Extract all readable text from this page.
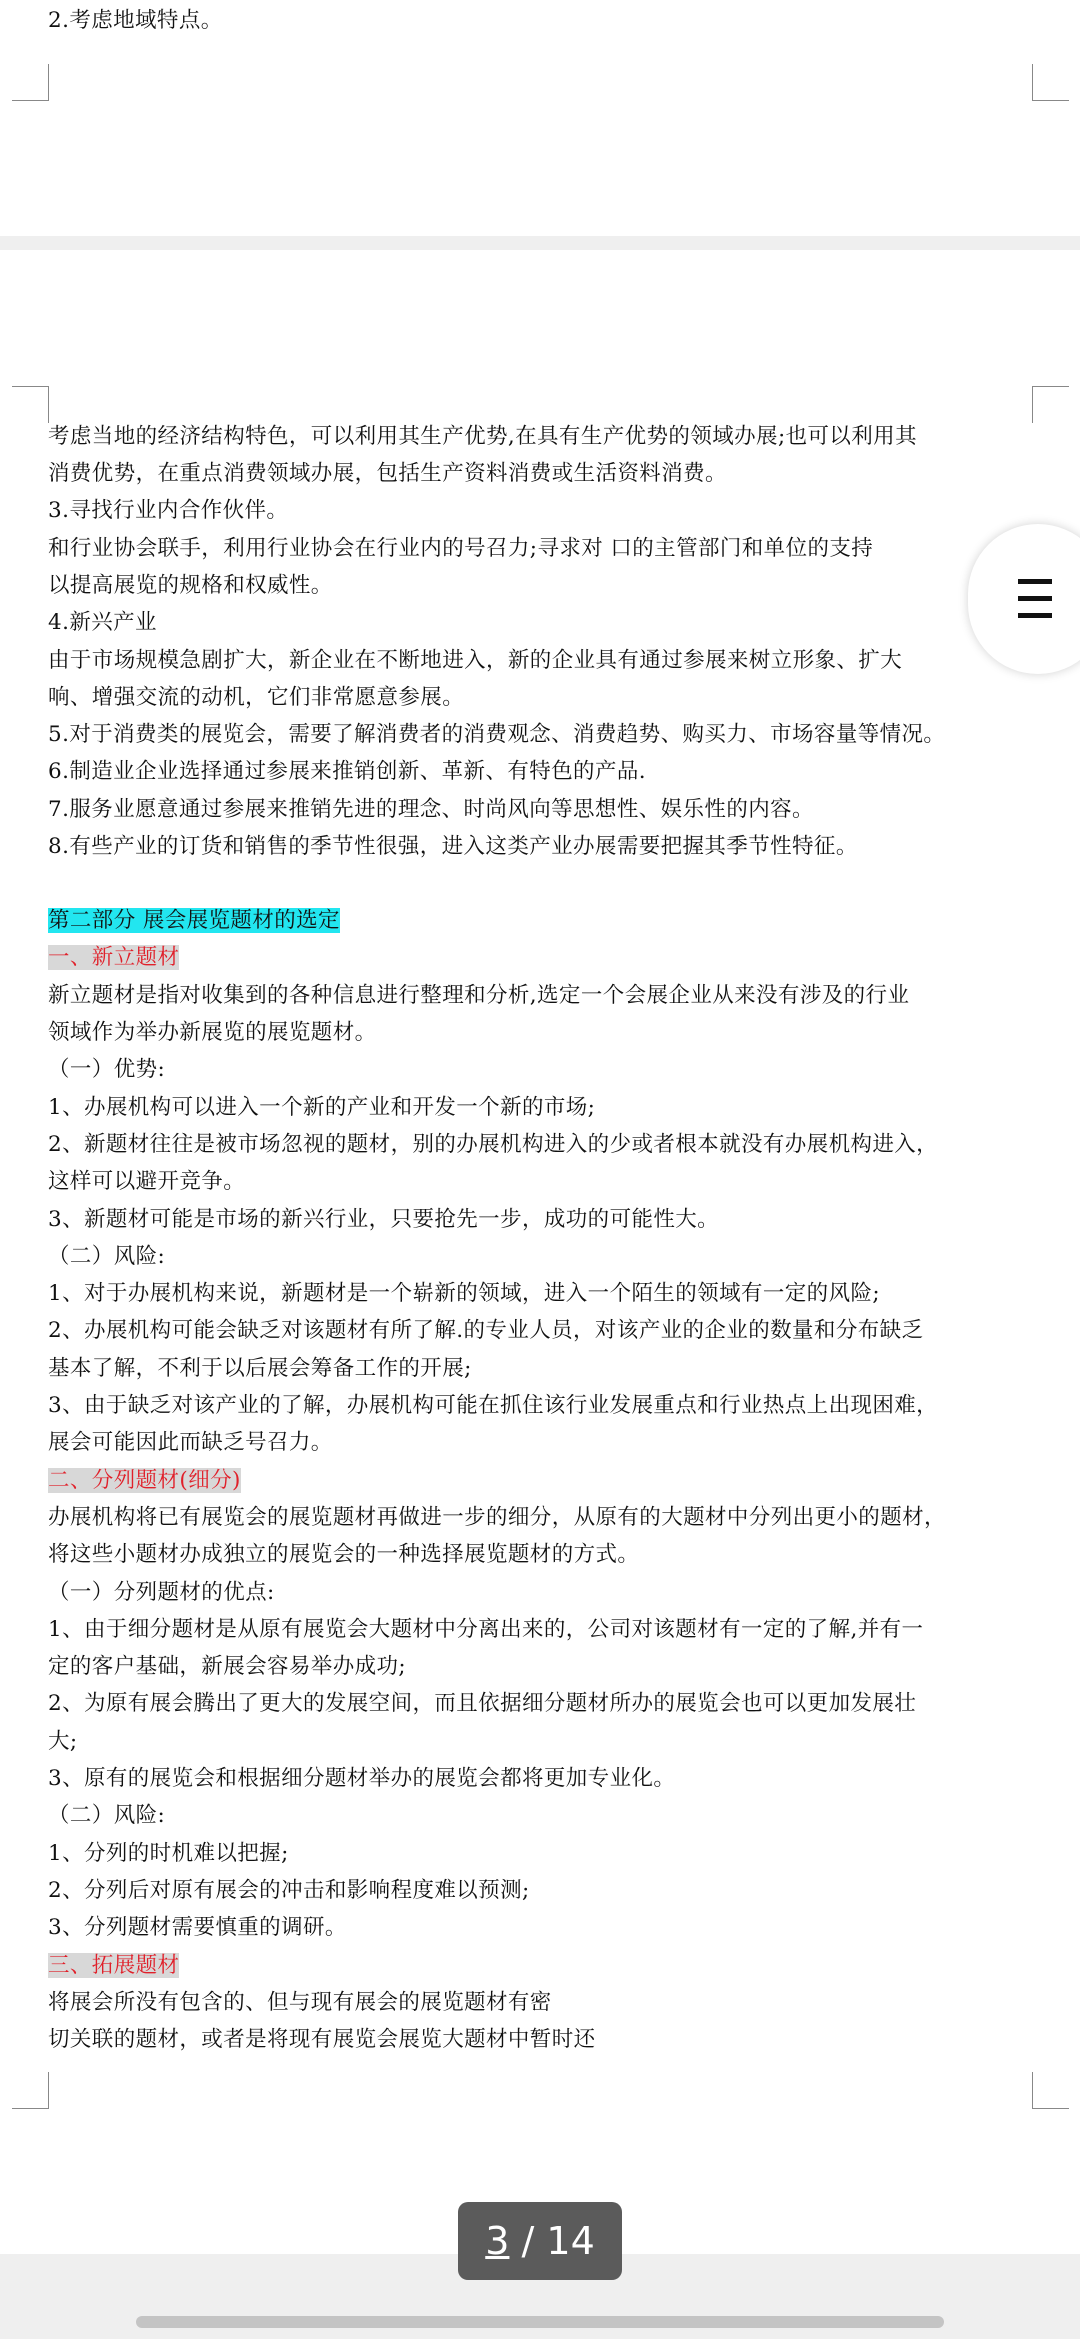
2.考虑地域特点。
考虑当地的经济结构特色，可以利用其生产优势,在具有生产优势的领域办展;也可以利用其
消费优势，在重点消费领域办展，包括生产资料消费或生活资料消费。
3.寻找行业内合作伙伴。
和行业协会联手，利用行业协会在行业内的号召力;寻求对 口的主管部门和单位的支持
以提高展览的规格和权威性。
4.新兴产业
由于市场规模急剧扩大，新企业在不断地进入，新的企业具有通过参展来树立形象、扩大
响、增强交流的动机，它们非常愿意参展。
5.对于消费类的展览会，需要了解消费者的消费观念、消费趋势、购买力、市场容量等情况。
6.制造业企业选择通过参展来推销创新、革新、有特色的产品.
7.服务业愿意通过参展来推销先进的理念、时尚风向等思想性、娱乐性的内容。
8.有些产业的订货和销售的季节性很强，进入这类产业办展需要把握其季节性特征。
第二部分 展会展览题材的选定
一、新立题材
新立题材是指对收集到的各种信息进行整理和分析,选定一个会展企业从来没有涉及的行业
领域作为举办新展览的展览题材。
（一）优势:
1、办展机构可以进入一个新的产业和开发一个新的市场;
2、新题材往往是被市场忽视的题材，别的办展机构进入的少或者根本就没有办展机构进入，
这样可以避开竞争。
3、新题材可能是市场的新兴行业，只要抢先一步，成功的可能性大。
（二）风险:
1、对于办展机构来说，新题材是一个崭新的领域，进入一个陌生的领域有一定的风险;
2、办展机构可能会缺乏对该题材有所了解.的专业人员，对该产业的企业的数量和分布缺乏
基本了解，不利于以后展会筹备工作的开展;
3、由于缺乏对该产业的了解，办展机构可能在抓住该行业发展重点和行业热点上出现困难，
展会可能因此而缺乏号召力。
二、分列题材(细分)
办展机构将已有展览会的展览题材再做进一步的细分，从原有的大题材中分列出更小的题材，
将这些小题材办成独立的展览会的一种选择展览题材的方式。
（一）分列题材的优点:
1、由于细分题材是从原有展览会大题材中分离出来的，公司对该题材有一定的了解,并有一
定的客户基础，新展会容易举办成功;
2、为原有展会腾出了更大的发展空间，而且依据细分题材所办的展览会也可以更加发展壮
大;
3、原有的展览会和根据细分题材举办的展览会都将更加专业化。
（二）风险:
1、分列的时机难以把握;
2、分列后对原有展会的冲击和影响程度难以预测;
3、分列题材需要慎重的调研。
三、拓展题材
将展会所没有包含的、但与现有展会的展览题材有密
切关联的题材，或者是将现有展览会展览大题材中暂时还
3 / 14
